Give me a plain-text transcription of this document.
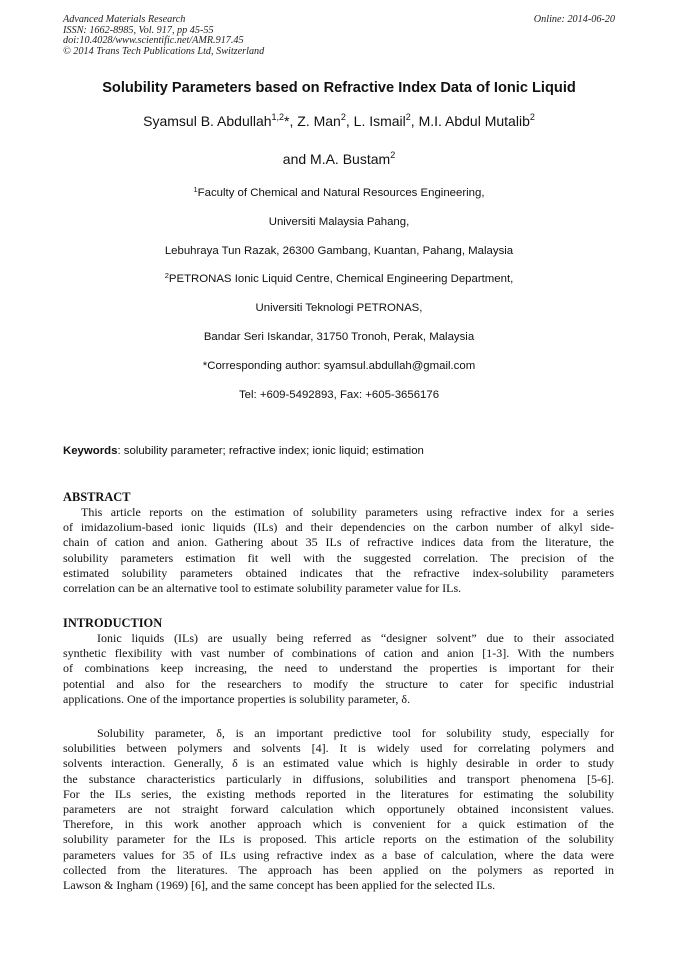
Advanced Materials Research
ISSN: 1662-8985, Vol. 917, pp 45-55
doi:10.4028/www.scientific.net/AMR.917.45
© 2014 Trans Tech Publications Ltd, Switzerland
Online: 2014-06-20
Solubility Parameters based on Refractive Index Data of Ionic Liquid
Syamsul B. Abdullah$^{1,2}$*, Z. Man$^2$, L. Ismail$^2$, M.I. Abdul Mutalib$^2$
and M.A. Bustam$^2$
$^1$Faculty of Chemical and Natural Resources Engineering,
Universiti Malaysia Pahang,
Lebuhraya Tun Razak, 26300 Gambang, Kuantan, Pahang, Malaysia
$^2$PETRONAS Ionic Liquid Centre, Chemical Engineering Department,
Universiti Teknologi PETRONAS,
Bandar Seri Iskandar, 31750 Tronoh, Perak, Malaysia
*Corresponding author: syamsul.abdullah@gmail.com
Tel: +609-5492893, Fax: +605-3656176
Keywords: solubility parameter; refractive index; ionic liquid; estimation
ABSTRACT
This article reports on the estimation of solubility parameters using refractive index for a series
of imidazolium-based ionic liquids (ILs) and their dependencies on the carbon number of alkyl side-
chain of cation and anion. Gathering about 35 ILs of refractive indices data from the literature, the
solubility parameters estimation fit well with the suggested correlation. The precision of the
estimated solubility parameters obtained indicates that the refractive index-solubility parameters
correlation can be an alternative tool to estimate solubility parameter value for ILs.
INTRODUCTION
Ionic liquids (ILs) are usually being referred as “designer solvent” due to their associated
synthetic flexibility with vast number of combinations of cation and anion [1-3]. With the numbers
of combinations keep increasing, the need to understand the properties is important for their
potential and also for the researchers to modify the structure to cater for specific industrial
applications. One of the importance properties is solubility parameter, δ.
Solubility parameter, δ, is an important predictive tool for solubility study, especially for
solubilities between polymers and solvents [4]. It is widely used for correlating polymers and
solvents interaction. Generally, δ is an estimated value which is highly desirable in order to study
the substance characteristics particularly in diffusions, solubilities and transport phenomena [5-6].
For the ILs series, the existing methods reported in the literatures for estimating the solubility
parameters are not straight forward calculation which opportunely obtained inconsistent values.
Therefore, in this work another approach which is convenient for a quick estimation of the
solubility parameter for the ILs is proposed. This article reports on the estimation of the solubility
parameters values for 35 of ILs using refractive index as a base of calculation, where the data were
collected from the literatures. The approach has been applied on the polymers as reported in
Lawson & Ingham (1969) [6], and the same concept has been applied for the selected ILs.
